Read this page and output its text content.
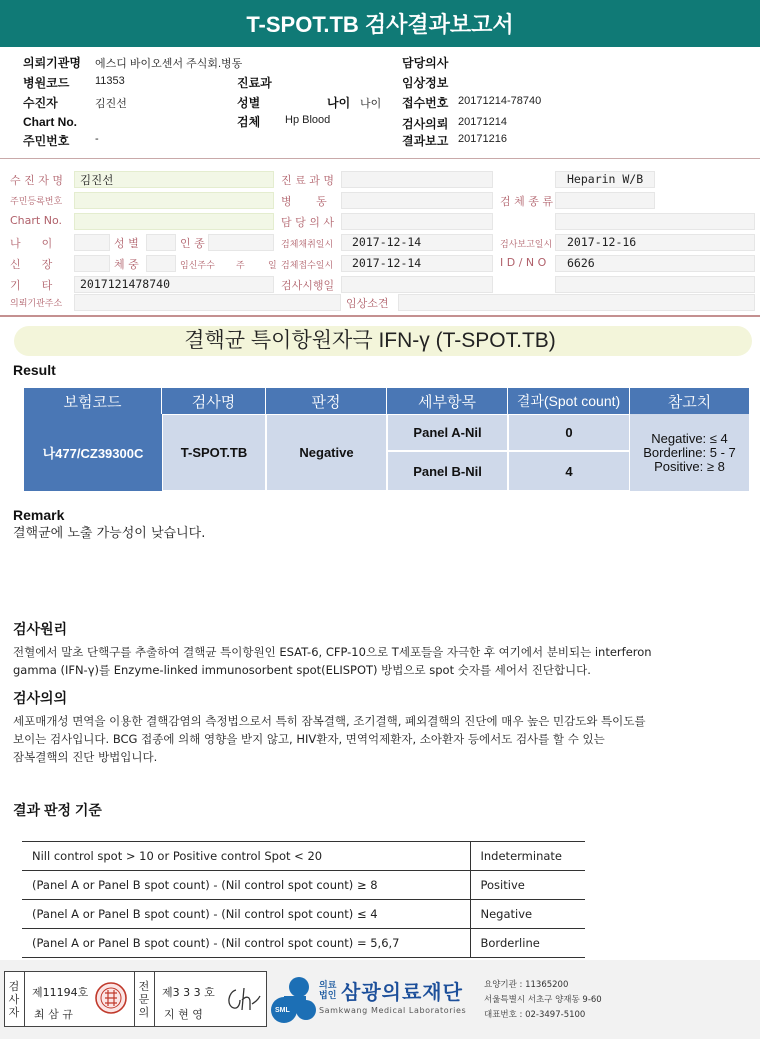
T-SPOT.TB 검사결과보고서
의뢰기관명 에스디 바이오센서 주식회.병동
병원코드 11353
수진자	김진선
Chart No.
주민번호 -
진료과
성별	나이 나이
검체 Hp Blood
담당의사
임상정보
접수번호 20171214-78740
검사의뢰 20171214
결과보고 20171216
수 진 자 명 김진선	진 료 과 명	Heparin W/B
주민등록번호	병       동	검 체 종 류
Chart No.	담 당 의 사
나      이	성 별	인 종	검체채취일시 2017-12-14	검사보고일시 2017-12-16
신      장	체 중	임신주수 주	일 검체접수일시 2017-12-14	I D / N O 6626
기      타 2017121478740	검사시행일
의뢰기관주소	임상소견
결핵균 특이항원자극 IFN-γ (T-SPOT.TB)
Result
보험코드	검사명	판정	세부항목	결과(Spot count)	참고치
나477/CZ39300C	T-SPOT.TB	Negative
Panel A-Nil	0
Panel B-Nil	4
Negative: ≤ 4
Borderline: 5 - 7
Positive: ≥ 8
Remark
결핵균에 노출 가능성이 낮습니다.
검사원리
전혈에서 말초 단핵구를 추출하여 결핵균 특이항원인 ESAT-6, CFP-10으로 T세포들을 자극한 후 여기에서 분비되는 interferon
gamma (IFN-γ)를 Enzyme-linked immunosorbent spot(ELISPOT) 방법으로 spot 숫자를 세어서 진단합니다.
검사의의
세포매개성 면역을 이용한 결핵감염의 측정법으로서 특히 잠복결핵, 조기결핵, 폐외결핵의 진단에 매우 높은 민감도와 특이도를
보이는 검사입니다. BCG 접종에 의해 영향을 받지 않고, HIV환자, 면역억제환자, 소아환자 등에서도 검사를 할 수 있는
잠복결핵의 진단 방법입니다.
결과 판정 기준
Nill control spot > 10 or Positive control Spot < 20	Indeterminate
(Panel A or Panel B spot count) - (Nil control spot count) ≥ 8	Positive
(Panel A or Panel B spot count) - (Nil control spot count) ≤ 4	Negative
(Panel A or Panel B spot count) - (Nil control spot count) = 5,6,7	Borderline
검
사
자
제11194호
최 삼 규
전
문
의
제3 3 3 호
지 현 영	SML
의료
법인 삼광의료재단
Samkwang Medical Laboratories
요양기관 : 11365200
서울특별시 서초구 양재동 9-60
대표번호 : 02-3497-5100
